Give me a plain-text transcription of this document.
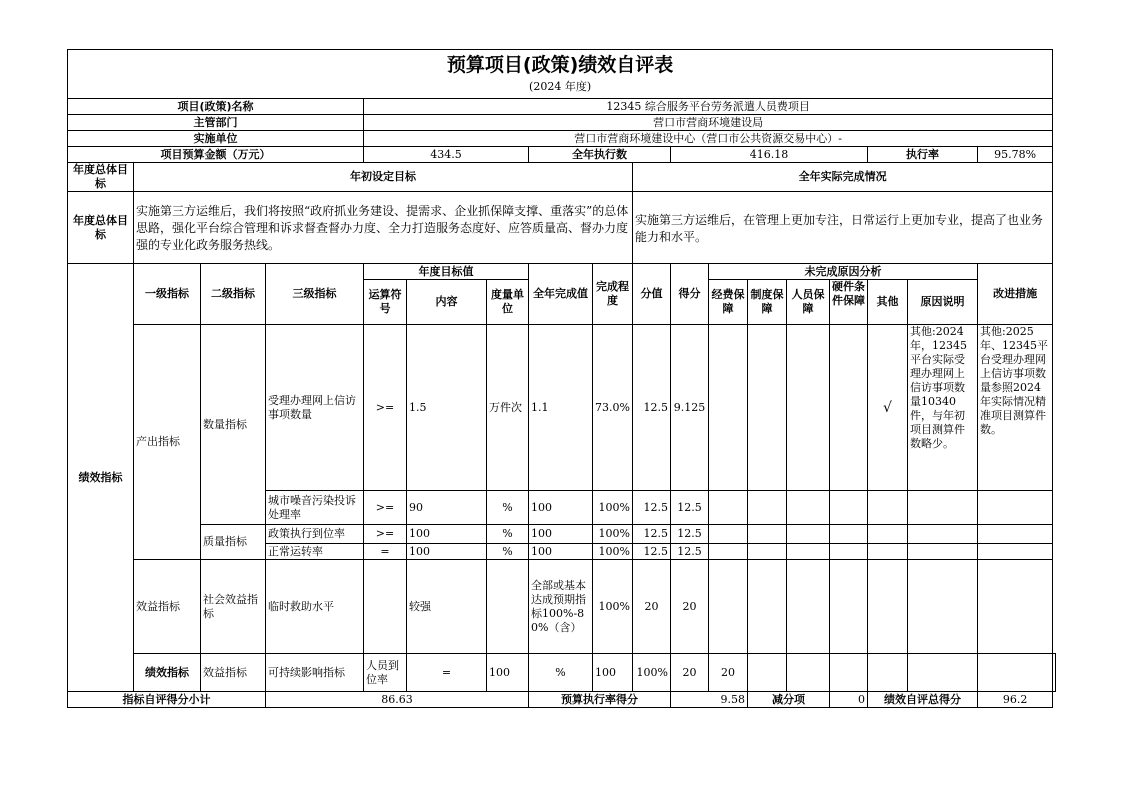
预算项目(政策)绩效自评表																		
(2024 年度)																		
项目(政策)名称				12345 综合服务平台劳务派遣人员费项目														
主管部门				营口市营商环境建设局														
实施单位				营口市营商环境建设中心（营口市公共资源交易中心）-														
项目预算金额（万元）				434.5			全年执行数			416.18					执行率		95.78%	
年度总体目标	年初设定目标								全年实际完成情况									
年度总体目标	实施第三方运维后，我们将按照“政府抓业务建设、提需求、企业抓保障支撑、重落实”的总体思路，强化平台综合管理和诉求督查督办力度、全力打造服务态度好、应答质量高、督办力度强的专业化政务服务热线。								实施第三方运维后，在管理上更加专注，日常运行上更加专业，提高了也业务能力和水平。									
绩效指标	一级指标	二级指标	三级指标	年度目标值			全年完成值	完成程度	分值	得分	未完成原因分析						改进措施	
				运算符号	内容	度量单位					经费保障	制度保障	人员保障	硬件条件保障	其他	原因说明		
	产出指标	数量指标	受理办理网上信访事项数量	>=	1.5	万件次	1.1	73.0%	12.5	9.125					√	其他:2024年，12345平台实际受理办理网上信访事项数量10340件，与年初项目测算件数略少。	其他:2025年、12345平台受理办理网上信访事项数量参照2024年实际情况精准项目测算件数。	
			城市噪音污染投诉处理率	>=	90	%	100	100%	12.5	12.5								
		质量指标	政策执行到位率	>=	100	%	100	100%	12.5	12.5								
			正常运转率	=	100	%	100	100%	12.5	12.5								
	效益指标	社会效益指标	临时救助水平		较强		全部或基本达成预期指标100%-80%（含）	100%	20	20								
	绩效指标	效益指标	可持续影响指标	人员到位率	=	100	%	100	100%	20	20							
指标自评得分小计			86.63				预算执行率得分			9.58		减分项		0	绩效自评总得分		96.2	
